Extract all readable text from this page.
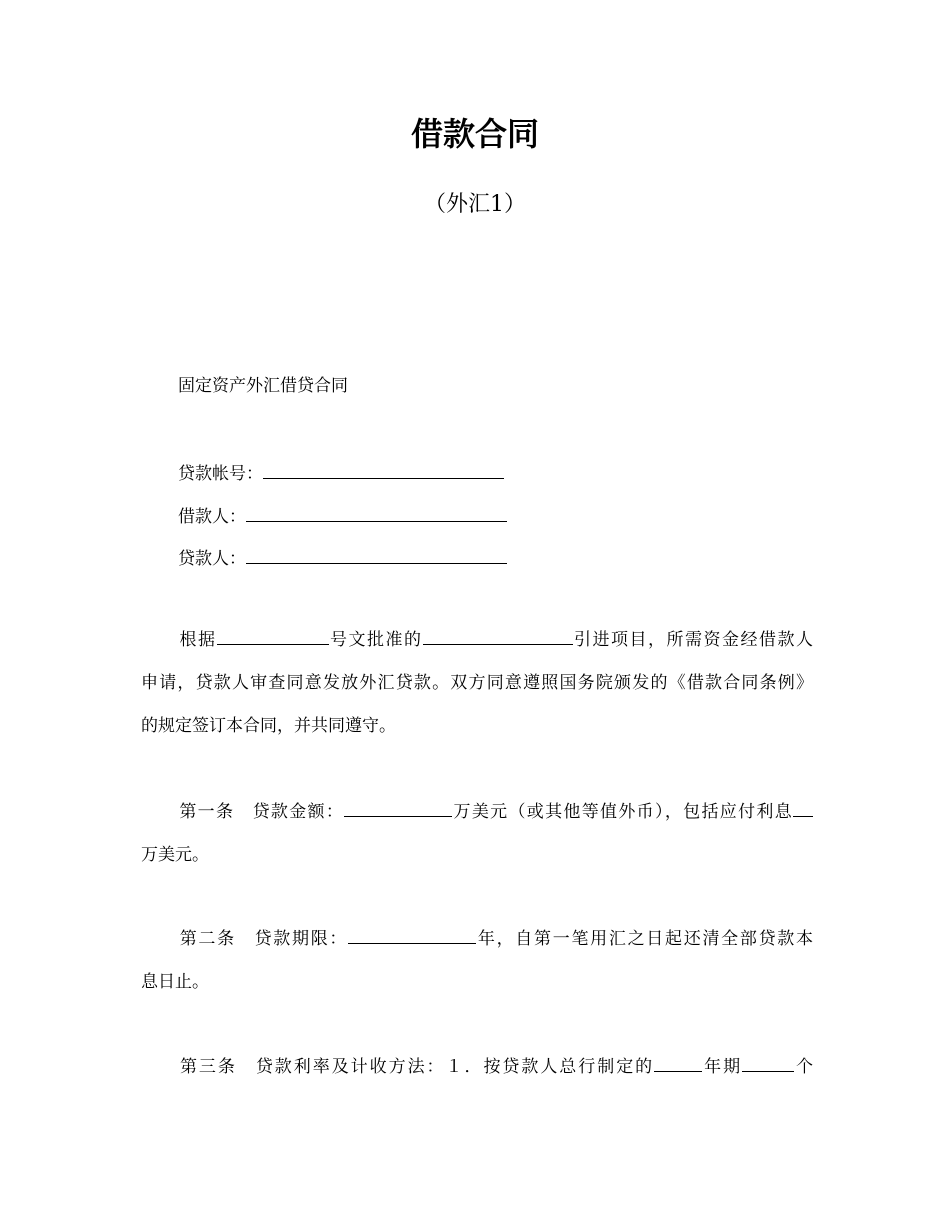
借款合同
（外汇1）
固定资产外汇借贷合同
贷款帐号：
借款人：
贷款人：
根据	号文批准的	引进项目，所需资金经借款人
申请，贷款人审查同意发放外汇贷款。双方同意遵照国务院颁发的《借款合同条例》
的规定签订本合同，并共同遵守。
第一条　 贷款金额：	万美元（或其他等值外币），包括应付利息
万美元。
第二条　 贷款期限：	年，自第一笔用汇之日起还清全部贷款本
息日止。
第三条　 贷款利率及计收方法：１．按贷款人总行制定的	年期	个
